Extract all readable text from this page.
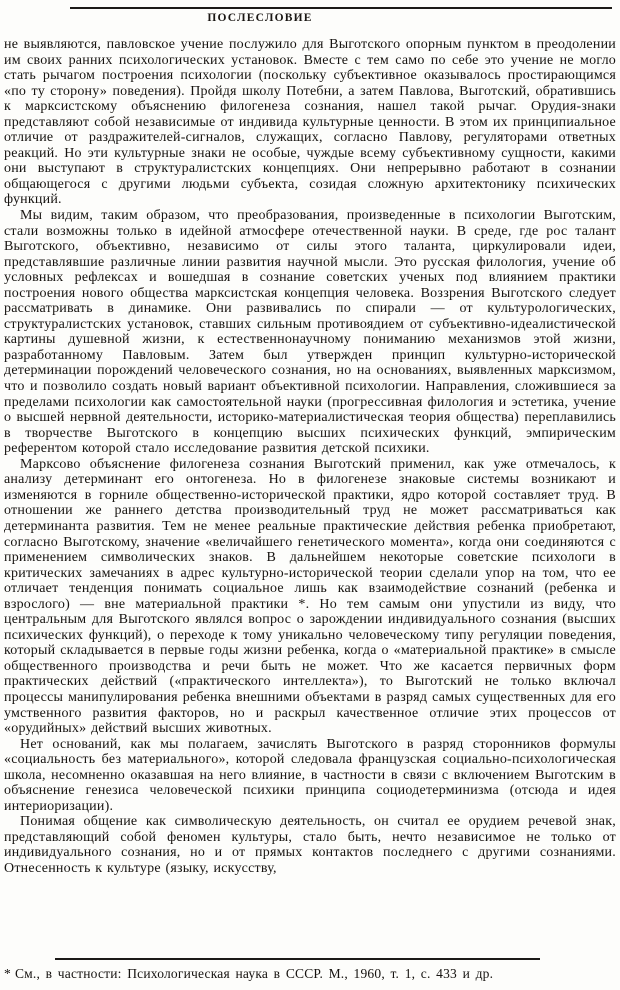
ПОСЛЕСЛОВИЕ

не выявляются, павловское учение послужило для Выготского опорным пунктом в преодолении им своих ранних психологических установок. Вместе с тем само по себе это учение не могло стать рычагом построения психологии (поскольку субъективное оказывалось простирающимся «по ту сторону» поведения). Пройдя школу Потебни, а затем Павлова, Выготский, обратившись к марксистскому объяснению филогенеза сознания, нашел такой рычаг. Орудия-знаки представляют собой независимые от индивида культурные ценности. В этом их принципиальное отличие от раздражителей-сигналов, служащих, согласно Павлову, регуляторами ответных реакций. Но эти культурные знаки не особые, чуждые всему субъективному сущности, какими они выступают в структуралистских концепциях. Они непрерывно работают в сознании общающегося с другими людьми субъекта, созидая сложную архитектонику психических функций.

Мы видим, таким образом, что преобразования, произведенные в психологии Выготским, стали возможны только в идейной атмосфере отечественной науки. В среде, где рос талант Выготского, объективно, независимо от силы этого таланта, циркулировали идеи, представлявшие различные линии развития научной мысли. Это русская филология, учение об условных рефлексах и вошедшая в сознание советских ученых под влиянием практики построения нового общества марксистская концепция человека. Воззрения Выготского следует рассматривать в динамике. Они развивались по спирали — от культурологических, структуралистских установок, ставших сильным противоядием от субъективно-идеалистической картины душевной жизни, к естественнонаучному пониманию механизмов этой жизни, разработанному Павловым. Затем был утвержден принцип культурно-исторической детерминации порождений человеческого сознания, но на основаниях, выявленных марксизмом, что и позволило создать новый вариант объективной психологии. Направления, сложившиеся за пределами психологии как самостоятельной науки (прогрессивная филология и эстетика, учение о высшей нервной деятельности, историко-материалистическая теория общества) переплавились в творчестве Выготского в концепцию высших психических функций, эмпирическим референтом которой стало исследование развития детской психики.

Марксово объяснение филогенеза сознания Выготский применил, как уже отмечалось, к анализу детерминант его онтогенеза. Но в филогенезе знаковые системы возникают и изменяются в горниле общественно-исторической практики, ядро которой составляет труд. В отношении же раннего детства производительный труд не может рассматриваться как детерминанта развития. Тем не менее реальные практические действия ребенка приобретают, согласно Выготскому, значение «величайшего генетического момента», когда они соединяются с применением символических знаков. В дальнейшем некоторые советские психологи в критических замечаниях в адрес культурно-исторической теории сделали упор на том, что ее отличает тенденция понимать социальное лишь как взаимодействие сознаний (ребенка и взрослого) — вне материальной практики *. Но тем самым они упустили из виду, что центральным для Выготского являлся вопрос о зарождении индивидуального сознания (высших психических функций), о переходе к тому уникально человеческому типу регуляции поведения, который складывается в первые годы жизни ребенка, когда о «материальной практике» в смысле общественного производства и речи быть не может. Что же касается первичных форм практических действий («практического интеллекта»), то Выготский не только включал процессы манипулирования ребенка внешними объектами в разряд самых существенных для его умственного развития факторов, но и раскрыл качественное отличие этих процессов от «орудийных» действий высших животных.

Нет оснований, как мы полагаем, зачислять Выготского в разряд сторонников формулы «социальность без материального», которой следовала французская социально-психологическая школа, несомненно оказавшая на него влияние, в частности в связи с включением Выготским в объяснение генезиса человеческой психики принципа социодетерминизма (отсюда и идея интериоризации).

Понимая общение как символическую деятельность, он считал ее орудием речевой знак, представляющий собой феномен культуры, стало быть, нечто независимое не только от индивидуального сознания, но и от прямых контактов последнего с другими сознаниями. Отнесенность к культуре (языку, искусству,

* См., в частности: Психологическая наука в СССР. М., 1960, т. 1, с. 433 и др.
